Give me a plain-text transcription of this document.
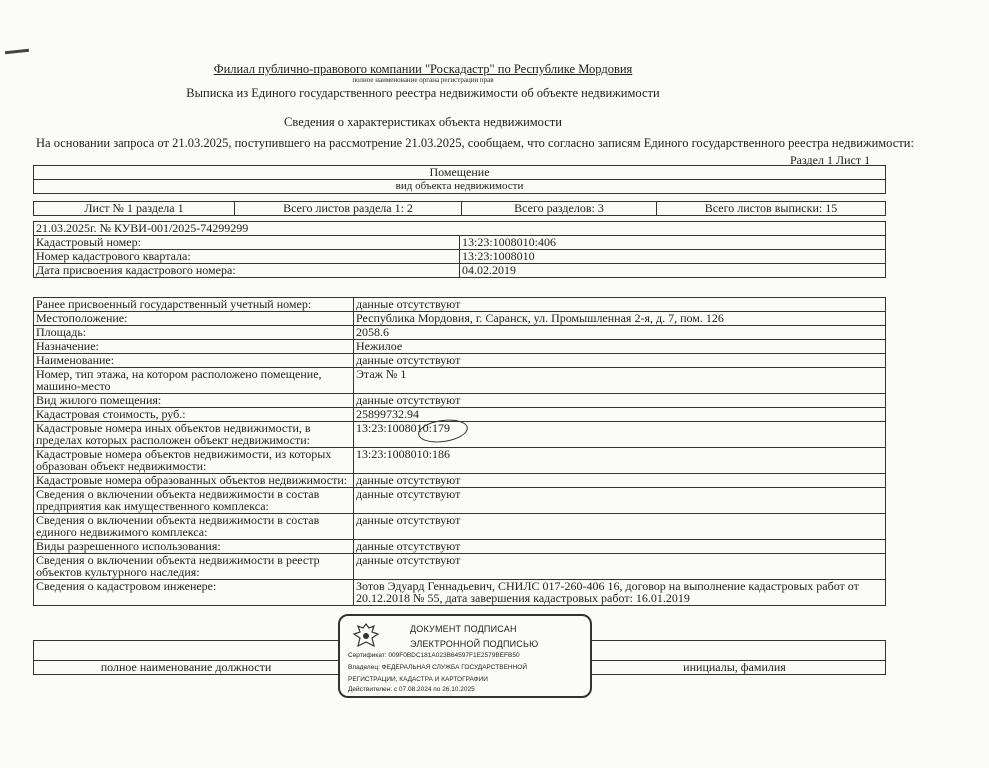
Филиал публично-правового компании "Роскадастр" по Республике Мордовия
полное наименование органа регистрации прав
Выписка из Единого государственного реестра недвижимости об объекте недвижимости
Сведения о характеристиках объекта недвижимости
На основании запроса от 21.03.2025, поступившего на рассмотрение 21.03.2025, сообщаем, что согласно записям Единого государственного реестра недвижимости:
Раздел 1 Лист 1
Помещение
вид объекта недвижимости
Лист № 1 раздела 1	Всего листов раздела 1: 2	Всего разделов: 3	Всего листов выписки: 15
21.03.2025г. № КУВИ-001/2025-74299299	
Кадастровый номер:	13:23:1008010:406
Номер кадастрового квартала:	13:23:1008010
Дата присвоения кадастрового номера:	04.02.2019
Ранее присвоенный государственный учетный номер:	данные отсутствуют
Местоположение:	Республика Мордовия, г. Саранск, ул. Промышленная 2-я, д. 7, пом. 126
Площадь:	2058.6
Назначение:	Нежилое
Наименование:	данные отсутствуют
Номер, тип этажа, на котором расположено помещение, машино-место	Этаж № 1
Вид жилого помещения:	данные отсутствуют
Кадастровая стоимость, руб.:	25899732.94
Кадастровые номера иных объектов недвижимости, в пределах которых расположен объект недвижимости:	13:23:1008010:179
Кадастровые номера объектов недвижимости, из которых образован объект недвижимости:	13:23:1008010:186
Кадастровые номера образованных объектов недвижимости:	данные отсутствуют
Сведения о включении объекта недвижимости в состав предприятия как имущественного комплекса:	данные отсутствуют
Сведения о включении объекта недвижимости в состав единого недвижимого комплекса:	данные отсутствуют
Виды разрешенного использования:	данные отсутствуют
Сведения о включении объекта недвижимости в реестр объектов культурного наследия:	данные отсутствуют
Сведения о кадастровом инженере:	Зотов Эдуард Геннадьевич, СНИЛС 017-260-406 16, договор на выполнение кадастровых работ от 20.12.2018 № 55, дата завершения кадастровых работ: 16.01.2019

полное наименование должности		инициалы, фамилия
ДОКУМЕНТ ПОДПИСАН
ЭЛЕКТРОННОЙ ПОДПИСЬЮ
Сертификат: 009F0BDC181A023B64597F1E2579BEFB50
Владелец: ФЕДЕРАЛЬНАЯ СЛУЖБА ГОСУДАРСТВЕННОЙ
РЕГИСТРАЦИИ, КАДАСТРА И КАРТОГРАФИИ
Действителен: с 07.08.2024 по 26.10.2025
